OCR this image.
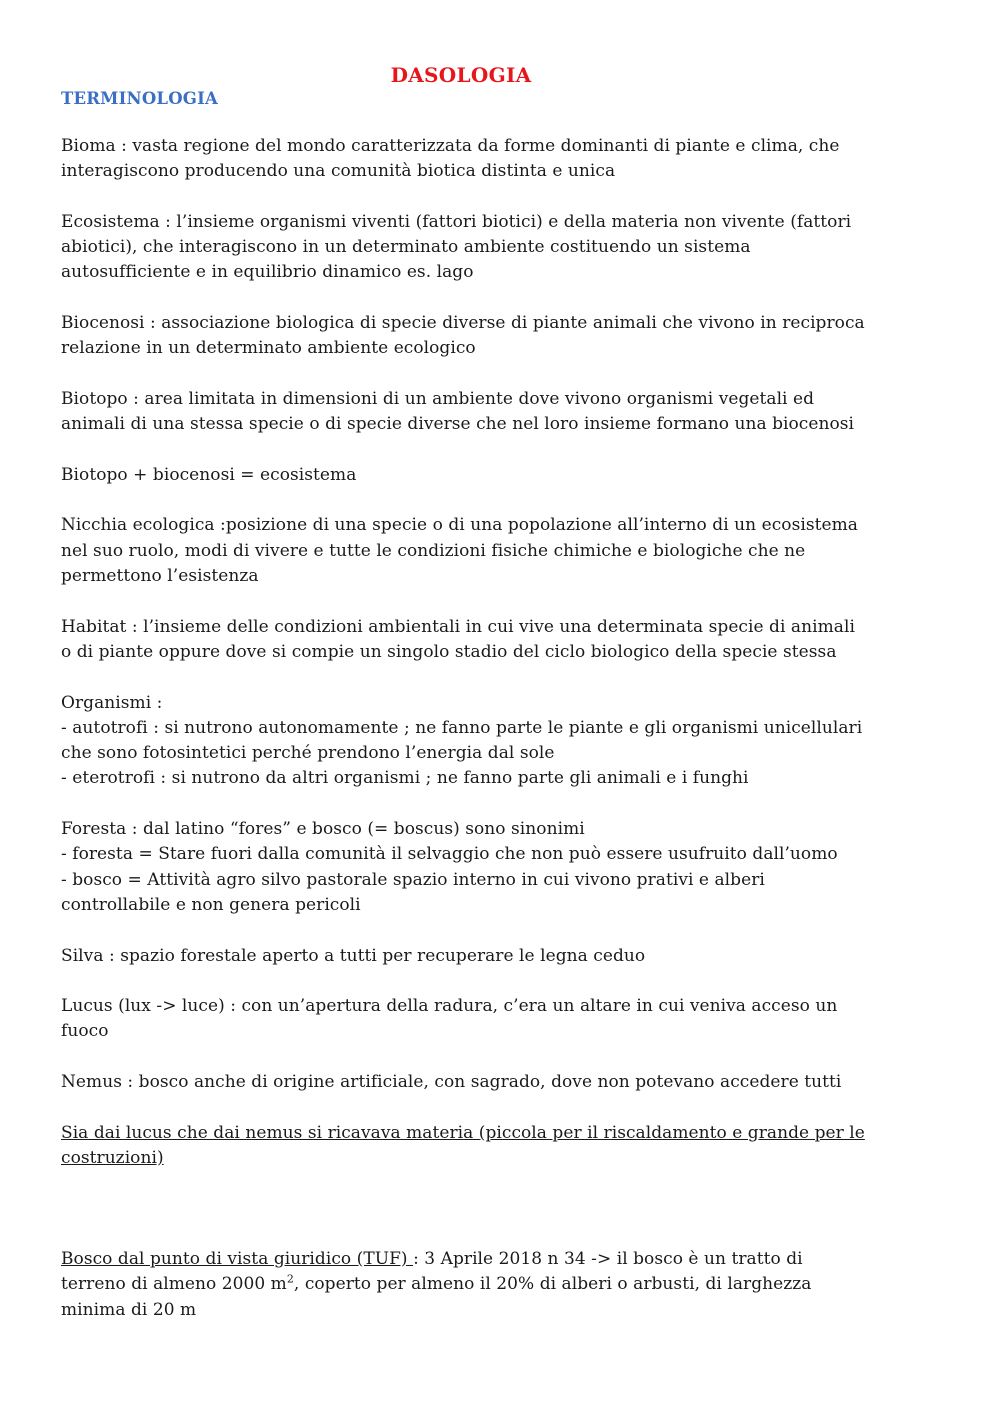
DASOLOGIA
TERMINOLOGIA

Bioma : vasta regione del mondo caratterizzata da forme dominanti di piante e clima, che
interagiscono producendo una comunità biotica distinta e unica

Ecosistema : l’insieme organismi viventi (fattori biotici) e della materia non vivente (fattori
abiotici), che interagiscono in un determinato ambiente costituendo un sistema
autosufficiente e in equilibrio dinamico es. lago

Biocenosi : associazione biologica di specie diverse di piante animali che vivono in reciproca
relazione in un determinato ambiente ecologico

Biotopo : area limitata in dimensioni di un ambiente dove vivono organismi vegetali ed
animali di una stessa specie o di specie diverse che nel loro insieme formano una biocenosi

Biotopo + biocenosi = ecosistema

Nicchia ecologica :posizione di una specie o di una popolazione all’interno di un ecosistema
nel suo ruolo, modi di vivere e tutte le condizioni fisiche chimiche e biologiche che ne
permettono l’esistenza

Habitat : l’insieme delle condizioni ambientali in cui vive una determinata specie di animali
o di piante oppure dove si compie un singolo stadio del ciclo biologico della specie stessa

Organismi :
- autotrofi : si nutrono autonomamente ; ne fanno parte le piante e gli organismi unicellulari
che sono fotosintetici perché prendono l’energia dal sole
- eterotrofi : si nutrono da altri organismi ; ne fanno parte gli animali e i funghi

Foresta : dal latino “fores” e bosco (= boscus) sono sinonimi
- foresta = Stare fuori dalla comunità il selvaggio che non può essere usufruito dall’uomo
- bosco = Attività agro silvo pastorale spazio interno in cui vivono prativi e alberi
controllabile e non genera pericoli

Silva : spazio forestale aperto a tutti per recuperare le legna ceduo

Lucus (lux -> luce) : con un’apertura della radura, c’era un altare in cui veniva acceso un
fuoco

Nemus : bosco anche di origine artificiale, con sagrado, dove non potevano accedere tutti

Sia dai lucus che dai nemus si ricavava materia (piccola per il riscaldamento e grande per le
costruzioni)

Bosco dal punto di vista giuridico (TUF) : 3 Aprile 2018 n 34 -> il bosco è un tratto di
terreno di almeno 2000 $m^2$, coperto per almeno il 20% di alberi o arbusti, di larghezza
minima di 20 m
